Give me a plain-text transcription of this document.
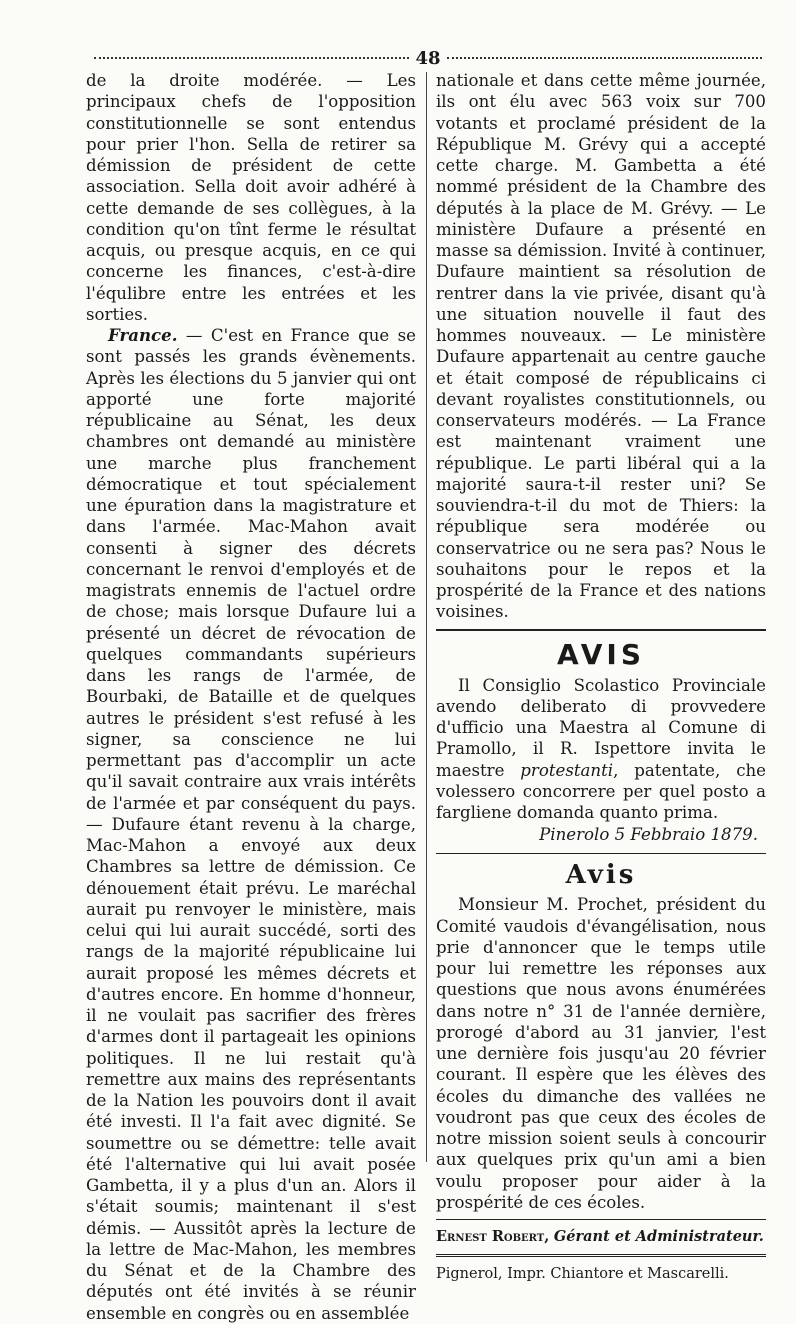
48

de la droite modérée. — Les principaux chefs de l'opposition constitutionnelle se sont entendus pour prier l'hon. Sella de retirer sa démission de président de cette association. Sella doit avoir adhéré à cette demande de ses collègues, à la condition qu'on tînt ferme le résultat acquis, ou presque acquis, en ce qui concerne les finances, c'est-à-dire l'équlibre entre les entrées et les sorties.

France. — C'est en France que se sont passés les grands évènements. Après les élections du 5 janvier qui ont apporté une forte majorité républicaine au Sénat, les deux chambres ont demandé au ministère une marche plus franchement démocratique et tout spécialement une épuration dans la magistrature et dans l'armée. Mac-Mahon avait consenti à signer des décrets concernant le renvoi d'employés et de magistrats ennemis de l'actuel ordre de chose; mais lorsque Dufaure lui a présenté un décret de révocation de quelques commandants supérieurs dans les rangs de l'armée, de Bourbaki, de Bataille et de quelques autres le président s'est refusé à les signer, sa conscience ne lui permettant pas d'accomplir un acte qu'il savait contraire aux vrais intérêts de l'armée et par conséquent du pays. — Dufaure étant revenu à la charge, Mac-Mahon a envoyé aux deux Chambres sa lettre de démission. Ce dénouement était prévu. Le maréchal aurait pu renvoyer le ministère, mais celui qui lui aurait succédé, sorti des rangs de la majorité républicaine lui aurait proposé les mêmes décrets et d'autres encore. En homme d'honneur, il ne voulait pas sacrifier des frères d'armes dont il partageait les opinions politiques. Il ne lui restait qu'à remettre aux mains des représentants de la Nation les pouvoirs dont il avait été investi. Il l'a fait avec dignité. Se soumettre ou se démettre: telle avait été l'alternative qui lui avait posée Gambetta, il y a plus d'un an. Alors il s'était soumis; maintenant il s'est démis. — Aussitôt après la lecture de la lettre de Mac-Mahon, les membres du Sénat et de la Chambre des députés ont été invités à se réunir ensemble en congrès ou en assemblée

nationale et dans cette même journée, ils ont élu avec 563 voix sur 700 votants et proclamé président de la République M. Grévy qui a accepté cette charge. M. Gambetta a été nommé président de la Chambre des députés à la place de M. Grévy. — Le ministère Dufaure a présenté en masse sa démission. Invité à continuer, Dufaure maintient sa résolution de rentrer dans la vie privée, disant qu'à une situation nouvelle il faut des hommes nouveaux. — Le ministère Dufaure appartenait au centre gauche et était composé de républicains ci devant royalistes constitutionnels, ou conservateurs modérés. — La France est maintenant vraiment une république. Le parti libéral qui a la majorité saura-t-il rester uni? Se souviendra-t-il du mot de Thiers: la république sera modérée ou conservatrice ou ne sera pas? Nous le souhaitons pour le repos et la prospérité de la France et des nations voisines.

AVIS

Il Consiglio Scolastico Provinciale avendo deliberato di provvedere d'ufficio una Maestra al Comune di Pramollo, il R. Ispettore invita le maestre protestanti, patentate, che volessero concorrere per quel posto a fargliene domanda quanto prima.

Pinerolo 5 Febbraio 1879.
Avis

Monsieur M. Prochet, président du Comité vaudois d'évangélisation, nous prie d'annoncer que le temps utile pour lui remettre les réponses aux questions que nous avons énumérées dans notre n° 31 de l'année dernière, prorogé d'abord au 31 janvier, l'est une dernière fois jusqu'au 20 février courant. Il espère que les élèves des écoles du dimanche des vallées ne voudront pas que ceux des écoles de notre mission soient seuls à concourir aux quelques prix qu'un ami a bien voulu proposer pour aider à la prospérité de ces écoles.

Ernest Robert, Gérant et Administrateur.
Pignerol, Impr. Chiantore et Mascarelli.
